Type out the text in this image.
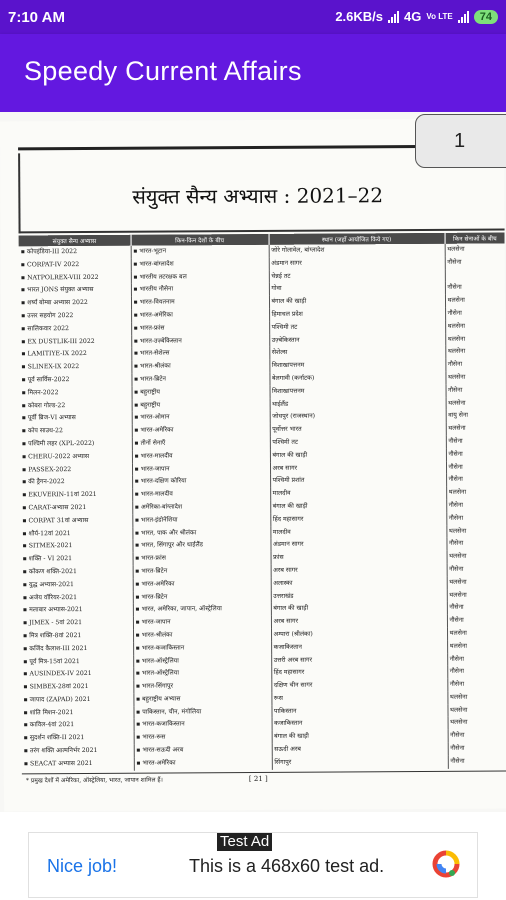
7:10 AM	2.6KB/s 4G Vo LTE	74
Speedy Current Affairs
संयुक्त सैन्य अभ्यास : 2021–22
संयुक्त सैन्य अभ्यास	किन-किन देशों के बीच	स्थान (जहाँ आयोजित किये गए)	किन सेनाओं के बीच
▪ कोपइंडिया-III 2022	▪ भारत-भूटान	जोरे गोलावेल, बांग्लादेश	थलसेना
▪ CORPAT-IV 2022	▪ भारत-बांग्लादेश	अंडमान सागर	नौसेना
▪ NATPOLREX-VIII 2022	▪ भारतीय तटरक्षक बल	चेन्नई तट	
▪ भारत JONS संयुक्त अभ्यास	▪ भारतीय नौसेना	गोवा	नौसेना
▪ शर्ष्यं बोम्बा अभ्यास 2022	▪ भारत-वियतनाम	बंगाल की खाड़ी	थलसेना
▪ उत्तर सहयोग 2022	▪ भारत-अमेरिका	हिमाचल प्रदेश	नौसेना
▪ सालिकवार 2022	▪ भारत-फ्रांस	पश्चिमी तट	थलसेना
▪ EX DUSTLIK-III 2022	▪ भारत-उज़्बेकिस्तान	उज़्बेकिस्तान	थलसेना
▪ LAMITIYE-IX 2022	▪ भारत-सेशेल्स	सेशेल्स	थलसेना
▪ SLINEX-IX 2022	▪ भारत-श्रीलंका	विशाखापत्तनम	नौसेना
▪ पूर्व सार्विस-2022	▪ भारत-ब्रिटेन	बेलगावी (कर्नाटक)	थलसेना
▪ मिलन-2022	▪ बहुराष्ट्रीय	विशाखापत्तनम	नौसेना
▪ कोबरा गोल्ड-22	▪ बहुराष्ट्रीय	थाईलैंड	थलसेना
▪ पूर्वी ब्रिज-VI अभ्यास	▪ भारत-ओमान	जोधपुर (राजस्थान)	वायु सेना
▪ कोप साउथ-22	▪ भारत-अमेरिका	पूर्वोत्तर भारत	थलसेना
▪ पश्चिमी लहर (XPL-2022)	▪ तीनों सेनाएँ	पश्चिमी तट	नौसेना
▪ CHERU-2022 अभ्यास	▪ भारत-मालदीव	बंगाल की खाड़ी	नौसेना
▪ PASSEX-2022	▪ भारत-जापान	अरब सागर	नौसेना
▪ की ड्रैगन-2022	▪ भारत-दक्षिण कोरिया	पश्चिमी प्रशांत	नौसेना
▪ EKUVERIN-11वां 2021	▪ भारत-मालदीव	मालदीव	थलसेना
▪ CARAT-अभ्यास 2021	▪ अमेरिका-बांग्लादेश	बंगाल की खाड़ी	नौसेना
▪ CORPAT 31वां अभ्यास	▪ भारत-इंडोनेशिया	हिंद महासागर	नौसेना
▪ शौर्य-12वां 2021	▪ भारत, पाक और श्रीलंका	मालदीव	थलसेना
▪ SITMEX-2021	▪ भारत, सिंगापुर और थाईलैंड	अंडमान सागर	नौसेना
▪ शक्ति - VI 2021	▪ भारत-फ्रांस	फ्रांस	थलसेना
▪ कोंकण शक्ति-2021	▪ भारत-ब्रिटेन	अरब सागर	नौसेना
▪ युद्ध अभ्यास-2021	▪ भारत-अमेरिका	अलास्का	थलसेना
▪ अजेय वॉरियर-2021	▪ भारत-ब्रिटेन	उत्तराखंड	थलसेना
▪ मलाबार अभ्यास-2021	▪ भारत, अमेरिका, जापान, ऑस्ट्रेलिया	बंगाल की खाड़ी	नौसेना
▪ JIMEX - 5वां 2021	▪ भारत-जापान	अरब सागर	नौसेना
▪ मित्र शक्ति-8वां 2021	▪ भारत-श्रीलंका	अम्पारा (श्रीलंका)	थलसेना
▪ कजिंद कैलाश-III 2021	▪ भारत-कजाकिस्तान	कजाकिस्तान	थलसेना
▪ पूर्व मित्र-15वां 2021	▪ भारत-ऑस्ट्रेलिया	उत्तरी अरब सागर	नौसेना
▪ AUSINDEX-IV 2021	▪ भारत-ऑस्ट्रेलिया	हिंद महासागर	नौसेना
▪ SIMBEX-28वां 2021	▪ भारत-सिंगापुर	दक्षिण चीन सागर	नौसेना
▪ जापाद (ZAPAD) 2021	▪ बहुराष्ट्रीय अभ्यास	रूस	थलसेना
▪ शांति मिशन-2021	▪ पाकिस्तान, चीन, मंगोलिया	पाकिस्तान	थलसेना
▪ काविल-4वां 2021	▪ भारत-कजाकिस्तान	कजाकिस्तान	थलसेना
▪ सुदर्शन शक्ति-II 2021	▪ भारत-रूस	बंगाल की खाड़ी	नौसेना
▪ तरंग शक्ति आत्मनिर्भर 2021	▪ भारत-सऊदी अरब	सऊदी अरब	नौसेना
▪ SEACAT अभ्यास 2021	▪ भारत-अमेरिका	सिंगापुर	नौसेना
* प्रमुख देशों में अमेरिका, ऑस्ट्रेलिया, भारत, जापान शामिल हैं।	[ 21 ]
1
Test Ad
Nice job!	This is a 468x60 test ad.
